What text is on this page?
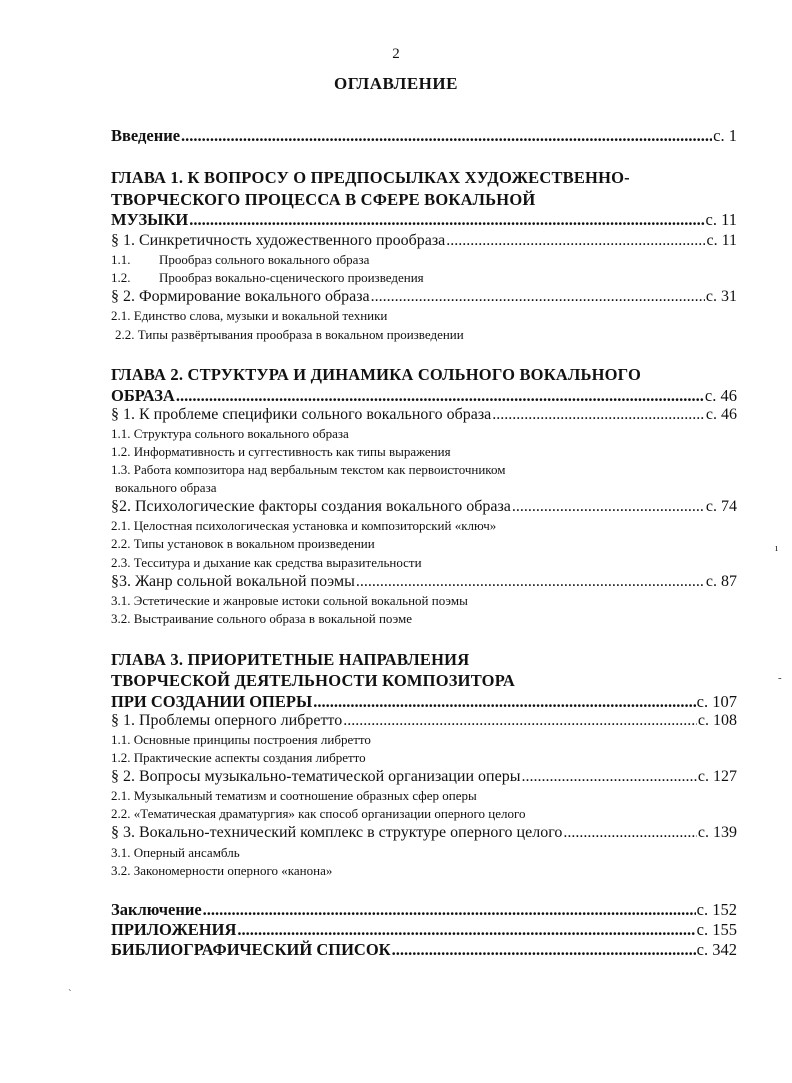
2
ОГЛАВЛЕНИЕ
Введение .....	с. 1
ГЛАВА 1. К ВОПРОСУ О ПРЕДПОСЫЛКАХ ХУДОЖЕСТВЕННО-
ТВОРЧЕСКОГО ПРОЦЕССА В СФЕРЕ ВОКАЛЬНОЙ
МУЗЫКИ .....	с. 11
§ 1. Синкретичность художественного прообраза .....	с. 11
1.1.	Прообраз сольного вокального образа
1.2.	Прообраз вокально-сценического произведения
§ 2. Формирование вокального образа .....	с. 31
2.1. Единство слова, музыки и вокальной техники
2.2. Типы развёртывания прообраза в вокальном произведении
ГЛАВА 2. СТРУКТУРА И ДИНАМИКА СОЛЬНОГО ВОКАЛЬНОГО
ОБРАЗА .....	с. 46
§ 1. К проблеме специфики сольного вокального образа .....	с. 46
1.1. Структура сольного вокального образа
1.2. Информативность и суггестивность как типы выражения
1.3. Работа композитора над вербальным текстом как первоисточником
вокального образа
§2. Психологические факторы создания вокального образа .....	с. 74
2.1. Целостная психологическая установка и композиторский «ключ»
2.2. Типы установок в вокальном произведении
2.3. Тесситура и дыхание как средства выразительности
§3. Жанр сольной вокальной поэмы .....	с. 87
3.1. Эстетические и жанровые истоки сольной вокальной поэмы
3.2. Выстраивание сольного образа в вокальной поэме
ГЛАВА 3. ПРИОРИТЕТНЫЕ НАПРАВЛЕНИЯ
ТВОРЧЕСКОЙ ДЕЯТЕЛЬНОСТИ КОМПОЗИТОРА
ПРИ СОЗДАНИИ ОПЕРЫ .....	с. 107
§ 1. Проблемы оперного либретто .....	с. 108
1.1. Основные принципы построения либретто
1.2. Практические аспекты создания либретто
§ 2. Вопросы музыкально-тематической организации оперы .....	с. 127
2.1. Музыкальный тематизм и соотношение образных сфер оперы
2.2. «Тематическая драматургия» как способ организации оперного целого
§ 3. Вокально-технический комплекс в структуре оперного целого .....	с. 139
3.1. Оперный ансамбль
3.2. Закономерности оперного «канона»
Заключение .....	с. 152
ПРИЛОЖЕНИЯ .....	с. 155
БИБЛИОГРАФИЧЕСКИЙ СПИСОК .....	с. 342
ı
-
`
